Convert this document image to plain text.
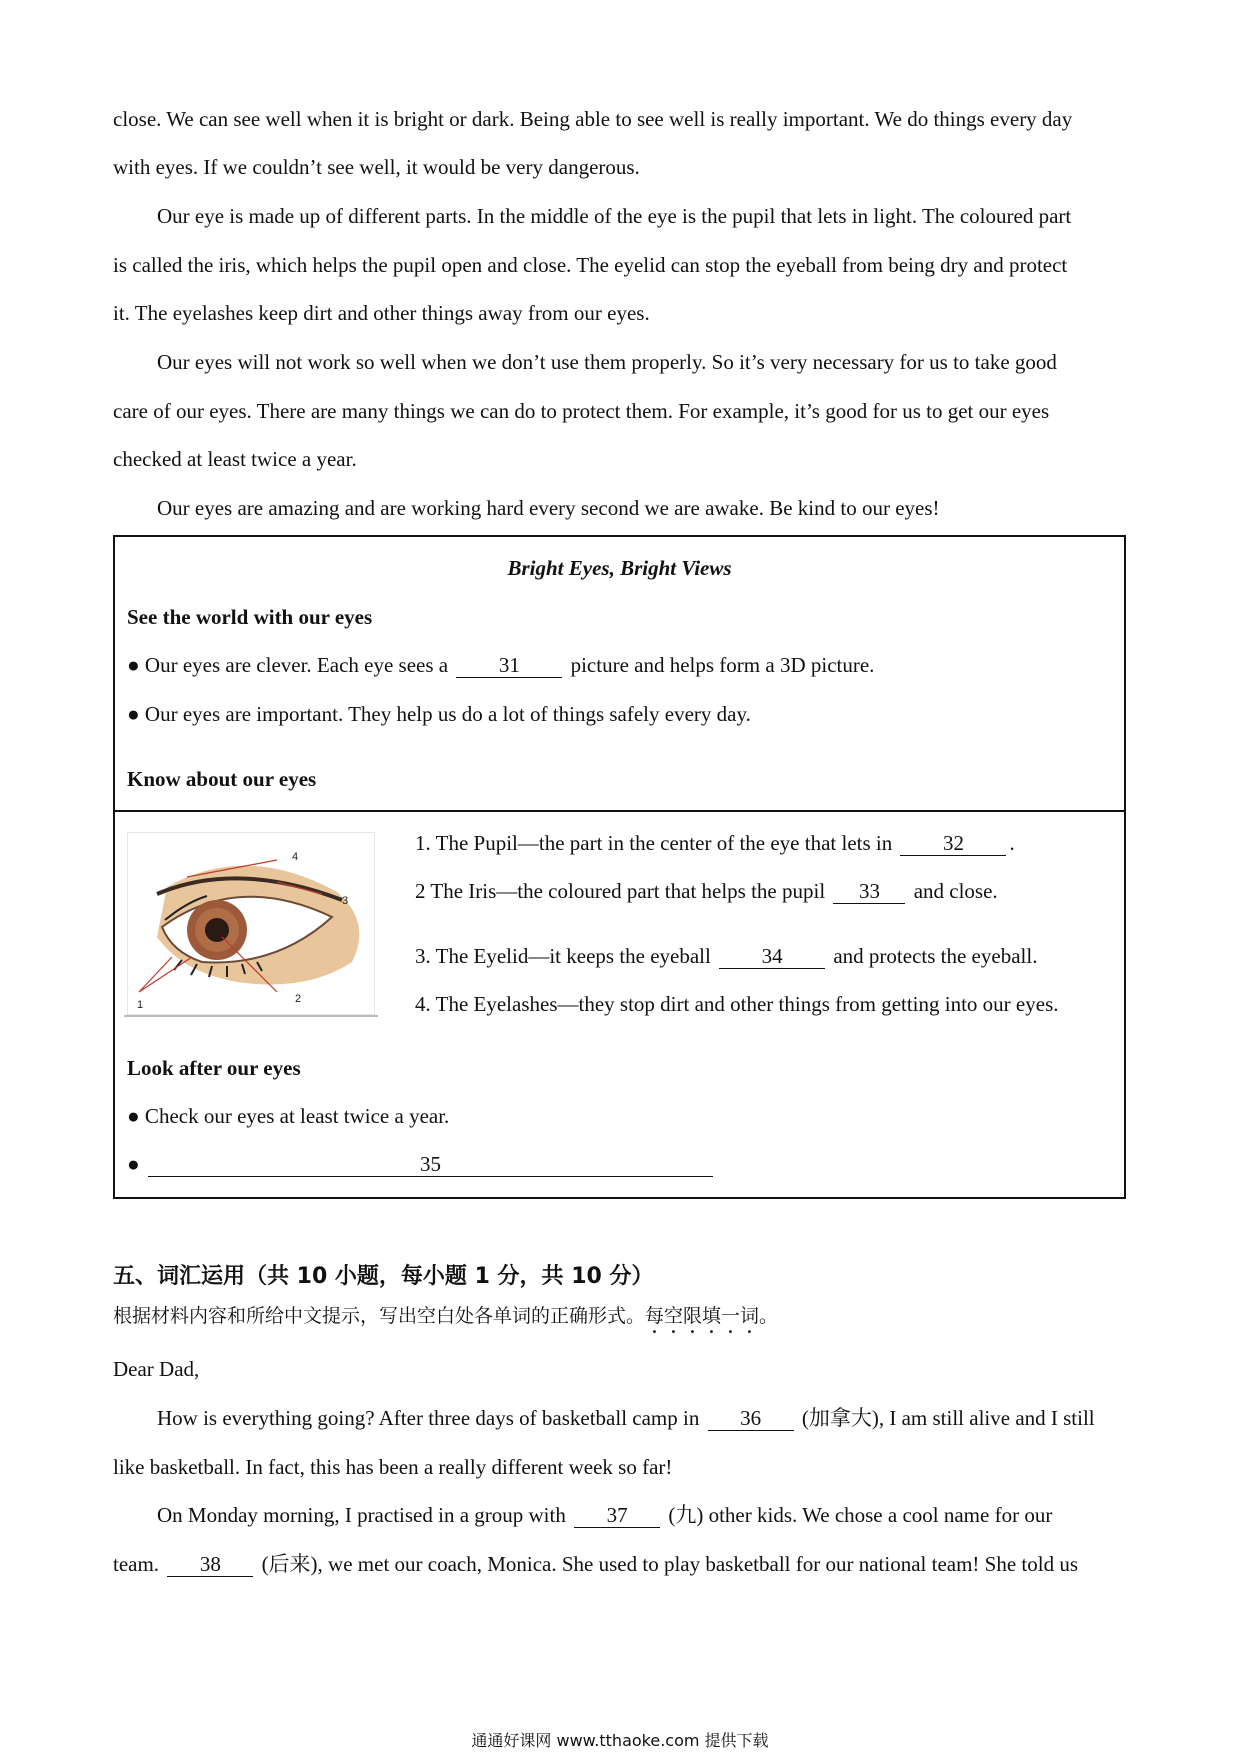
close. We can see well when it is bright or dark. Being able to see well is really important. We do things every day
with eyes. If we couldn’t see well, it would be very dangerous.
Our eye is made up of different parts. In the middle of the eye is the pupil that lets in light. The coloured part
is called the iris, which helps the pupil open and close. The eyelid can stop the eyeball from being dry and protect
it. The eyelashes keep dirt and other things away from our eyes.
Our eyes will not work so well when we don’t use them properly. So it’s very necessary for us to take good
care of our eyes. There are many things we can do to protect them. For example, it’s good for us to get our eyes
checked at least twice a year.
Our eyes are amazing and are working hard every second we are awake. Be kind to our eyes!
Bright Eyes, Bright Views
See the world with our eyes
● Our eyes are clever. Each eye sees a 31 picture and helps form a 3D picture.
● Our eyes are important. They help us do a lot of things safely every day.
Know about our eyes
1	2
3
4
1. The Pupil—the part in the center of the eye that lets in 32 .
2 The Iris—the coloured part that helps the pupil 33 and close.
3. The Eyelid—it keeps the eyeball 34 and protects the eyeball.
4. The Eyelashes—they stop dirt and other things from getting into our eyes.
Look after our eyes
● Check our eyes at least twice a year.
●	35
五、词汇运用（共 10 小题，每小题 1 分，共 10 分）
根据材料内容和所给中文提示，写出空白处各单词的正确形式。每空限填一词。
Dear Dad,
How is everything going? After three days of basketball camp in 36 (加拿大), I am still alive and I still
like basketball. In fact, this has been a really different week so far!
On Monday morning, I practised in a group with 37 (九) other kids. We chose a cool name for our
team. 38 (后来), we met our coach, Monica. She used to play basketball for our national team! She told us
通通好课网 www.tthaoke.com 提供下载
